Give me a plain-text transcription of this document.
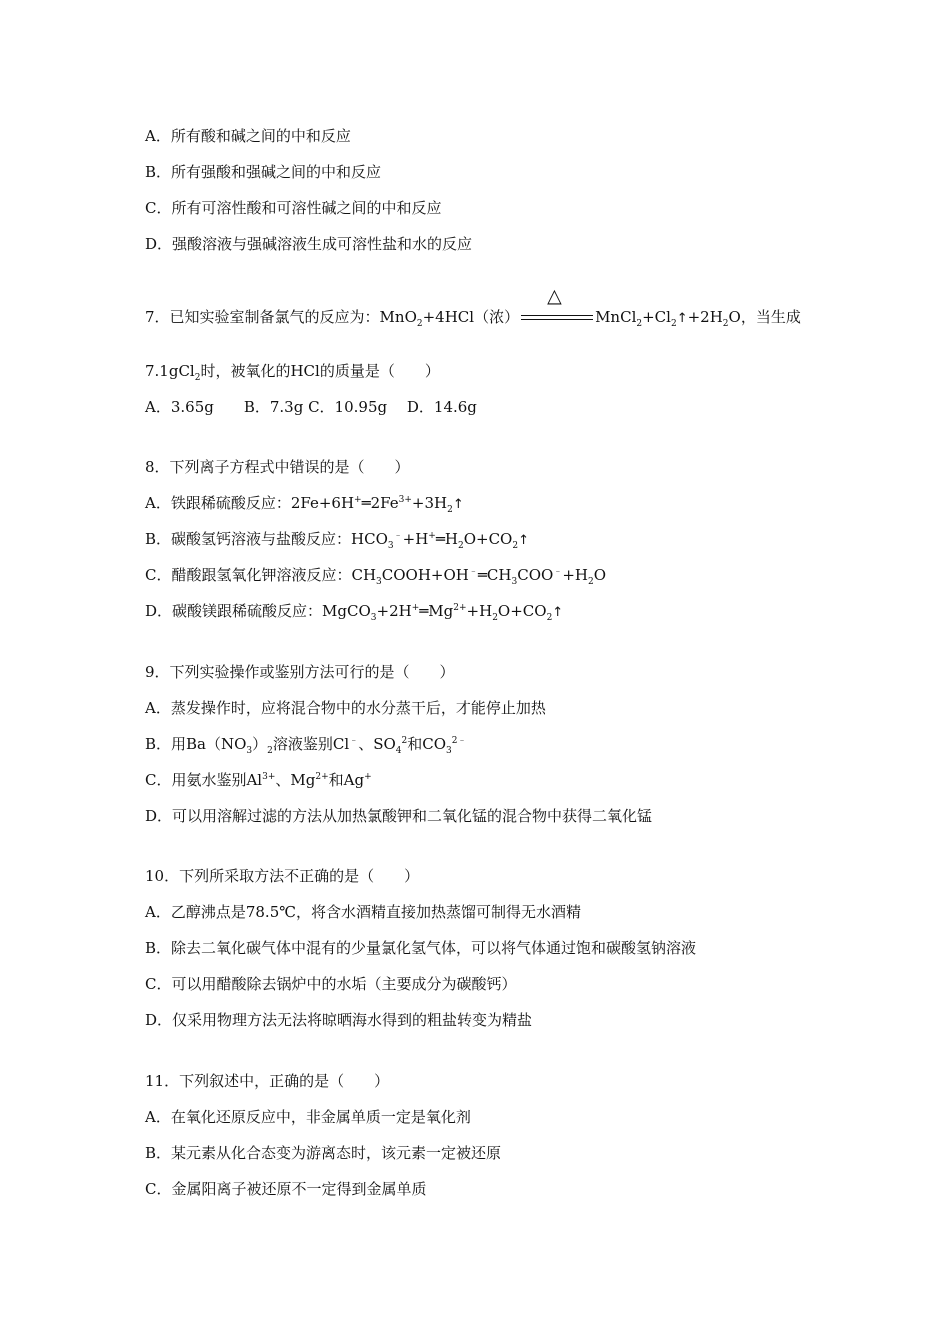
A．所有酸和碱之间的中和反应
B．所有强酸和强碱之间的中和反应
C．所有可溶性酸和可溶性碱之间的中和反应
D．强酸溶液与强碱溶液生成可溶性盐和水的反应
7．已知实验室制备氯气的反应为：MnO$_2$+4HCl（浓）
△
$MnCl_2+Cl_2↑+2H_2O$，当生成
7.1gCl$_2$时，被氧化的HCl的质量是（　　）
A．3.65g　　B．7.3g C．10.95g　 D．14.6g
8．下列离子方程式中错误的是（　　）
A．铁跟稀硫酸反应：$2Fe+6H^+═2Fe^{3+}+3H_2↑$
B．碳酸氢钙溶液与盐酸反应：$HCO_3^﹣+H^+═H_2O+CO_2↑$
C．醋酸跟氢氧化钾溶液反应：$CH_3COOH+OH^﹣═CH_3COO^﹣+H_2O$
D．碳酸镁跟稀硫酸反应：$MgCO_3+2H^+═Mg^{2+}+H_2O+CO_2↑$
9．下列实验操作或鉴别方法可行的是（　　）
A．蒸发操作时，应将混合物中的水分蒸干后，才能停止加热
B．用$Ba(NO_3)_2$溶液鉴别Cl﹣、$SO_4^2$和$CO_3^{2﹣}$
C．用氨水鉴别$Al^{3+}$、$Mg^{2+}$和Ag+
D．可以用溶解过滤的方法从加热氯酸钾和二氧化锰的混合物中获得二氧化锰
10．下列所采取方法不正确的是（　　）
A．乙醇沸点是78.5℃，将含水酒精直接加热蒸馏可制得无水酒精
B．除去二氧化碳气体中混有的少量氯化氢气体，可以将气体通过饱和碳酸氢钠溶液
C．可以用醋酸除去锅炉中的水垢（主要成分为碳酸钙）
D．仅采用物理方法无法将晾晒海水得到的粗盐转变为精盐
11．下列叙述中，正确的是（　　）
A．在氧化还原反应中，非金属单质一定是氧化剂
B．某元素从化合态变为游离态时，该元素一定被还原
C．金属阳离子被还原不一定得到金属单质
